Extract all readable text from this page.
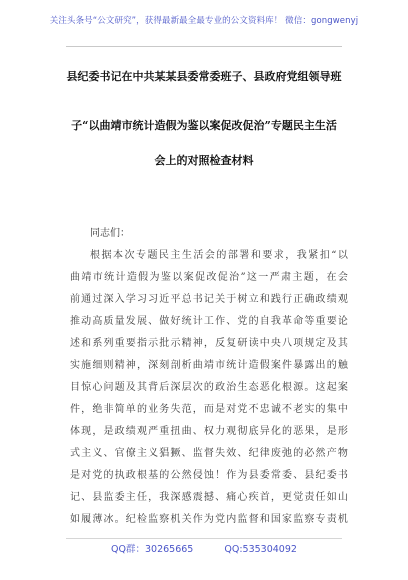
关注头条号“公文研究”，获得最新最全最专业的公文资料库！ 微信：gongwenyj
县纪委书记在中共某某县委常委班子、县政府党组领导班
子“以曲靖市统计造假为鉴以案促改促治”专题民主生活
会上的对照检查材料
同志们：
根据本次专题民主生活会的部署和要求，我紧扣“以
曲靖市统计造假为鉴以案促改促治”这一严肃主题，在会
前通过深入学习习近平总书记关于树立和践行正确政绩观
推动高质量发展、做好统计工作、党的自我革命等重要论
述和系列重要指示批示精神，反复研读中央八项规定及其
实施细则精神，深刻剖析曲靖市统计造假案件暴露出的触
目惊心问题及其背后深层次的政治生态恶化根源。这起案
件，绝非简单的业务失范，而是对党不忠诚不老实的集中
体现，是政绩观严重扭曲、权力观彻底异化的恶果，是形
式主义、官僚主义猖獗、监督失效、纪律废弛的必然产物
是对党的执政根基的公然侵蚀！作为县委常委、县纪委书
记、县监委主任，我深感震撼、痛心疾首，更觉责任如山
如履薄冰。纪检监察机关作为党内监督和国家监察专责机
QQ群：30265665	QQ:535304092
